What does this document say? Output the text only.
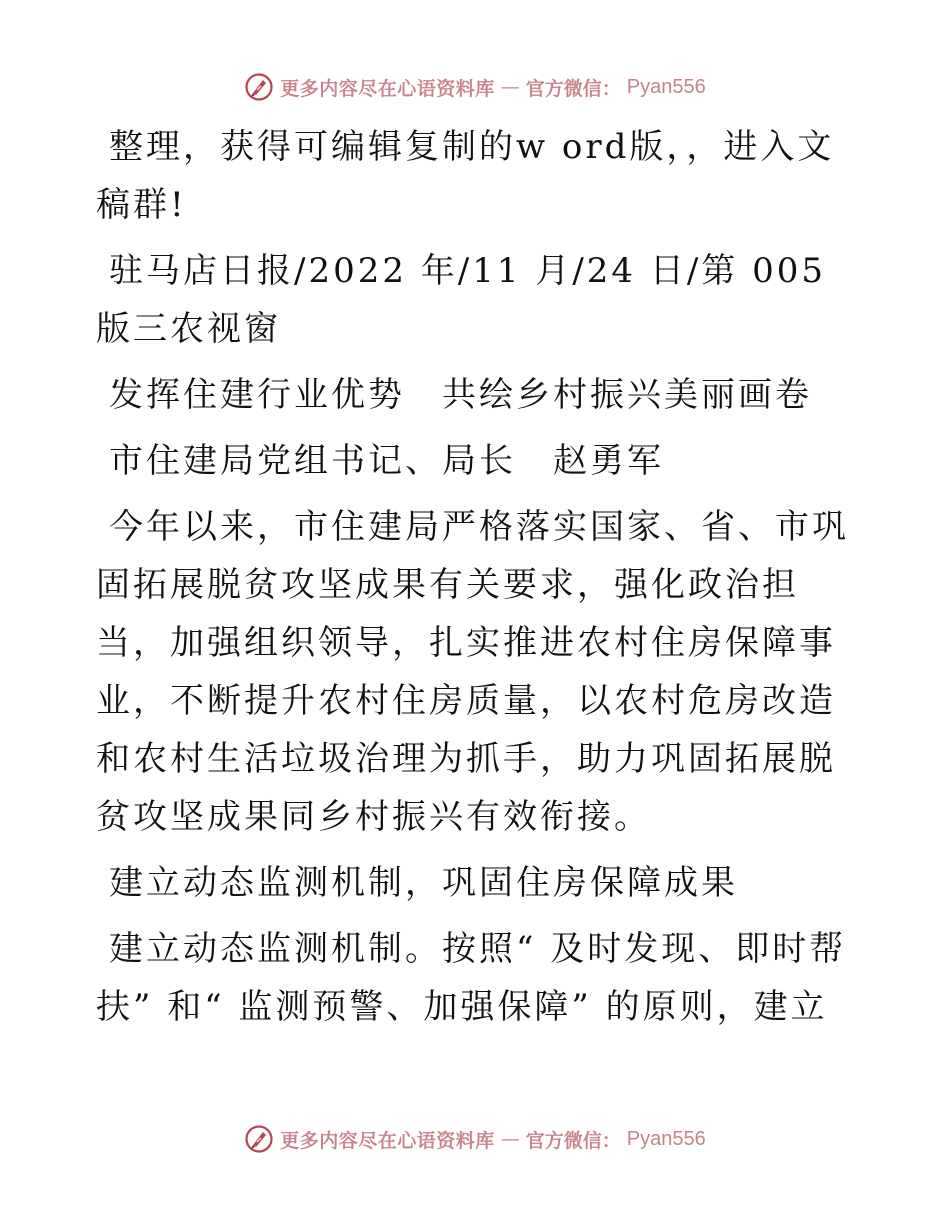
更多内容尽在心语资料库 — 官方微信： Pyan556

整理，获得可编辑复制的w ord版，，进入文稿群!

驻马店日报/2022 年/11 月/24 日/第 005 版三农视窗

发挥住建行业优势　共绘乡村振兴美丽画卷

市住建局党组书记、局长　赵勇军

今年以来，市住建局严格落实国家、省、市巩固拓展脱贫攻坚成果有关要求，强化政治担当，加强组织领导，扎实推进农村住房保障事业，不断提升农村住房质量，以农村危房改造和农村生活垃圾治理为抓手，助力巩固拓展脱贫攻坚成果同乡村振兴有效衔接。

建立动态监测机制，巩固住房保障成果

建立动态监测机制。按照“ 及时发现、即时帮扶” 和“ 监测预警、加强保障” 的原则，建立

更多内容尽在心语资料库 — 官方微信： Pyan556
